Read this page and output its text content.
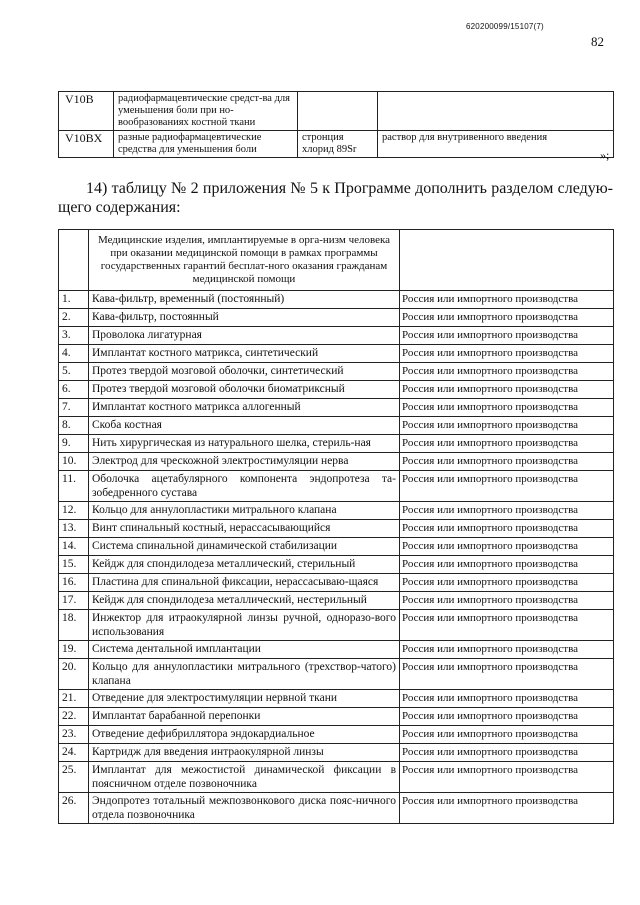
620200099/15107(7)
82
V10B	радиофармацевтические средст-ва для уменьшения боли при но-вообразованиях костной ткани		
V10BX	разные радиофармацевтические средства для уменьшения боли	стронция хлорид 89Sr	раствор для внутривенного введения
»;

14) таблицу № 2 приложения № 5 к Программе дополнить разделом следую-щего содержания:

	Медицинские изделия, имплантируемые в орга-низм человека при оказании медицинской помощи в рамках программы государственных гарантий бесплат-ного оказания гражданам медицинской помощи	
1.	Кава-фильтр, временный (постоянный)	Россия или импортного производства
2.	Кава-фильтр, постоянный	Россия или импортного производства
3.	Проволока лигатурная	Россия или импортного производства
4.	Имплантат костного матрикса, синтетический	Россия или импортного производства
5.	Протез твердой мозговой оболочки, синтетический	Россия или импортного производства
6.	Протез твердой мозговой оболочки биоматриксный	Россия или импортного производства
7.	Имплантат костного матрикса аллогенный	Россия или импортного производства
8.	Скоба костная	Россия или импортного производства
9.	Нить хирургическая из натурального шелка, стериль-ная	Россия или импортного производства
10.	Электрод для чрескожной электростимуляции нерва	Россия или импортного производства
11.	Оболочка ацетабулярного компонента эндопротеза та-зобедренного сустава	Россия или импортного производства
12.	Кольцо для аннулопластики митрального клапана	Россия или импортного производства
13.	Винт спинальный костный, нерассасывающийся	Россия или импортного производства
14.	Система спинальной динамической стабилизации	Россия или импортного производства
15.	Кейдж для спондилодеза металлический, стерильный	Россия или импортного производства
16.	Пластина для спинальной фиксации, нерассасываю-щаяся	Россия или импортного производства
17.	Кейдж для спондилодеза металлический, нестерильный	Россия или импортного производства
18.	Инжектор для итраокулярной линзы ручной, одноразо-вого использования	Россия или импортного производства
19.	Система дентальной имплантации	Россия или импортного производства
20.	Кольцо для аннулопластики митрального (трехствор-чатого) клапана	Россия или импортного производства
21.	Отведение для электростимуляции нервной ткани	Россия или импортного производства
22.	Имплантат барабанной перепонки	Россия или импортного производства
23.	Отведение дефибриллятора эндокардиальное	Россия или импортного производства
24.	Картридж для введения интраокулярной линзы	Россия или импортного производства
25.	Имплантат для межостистой динамической фиксации в поясничном отделе позвоночника	Россия или импортного производства
26.	Эндопротез тотальный межпозвонкового диска пояс-ничного отдела позвоночника	Россия или импортного производства
